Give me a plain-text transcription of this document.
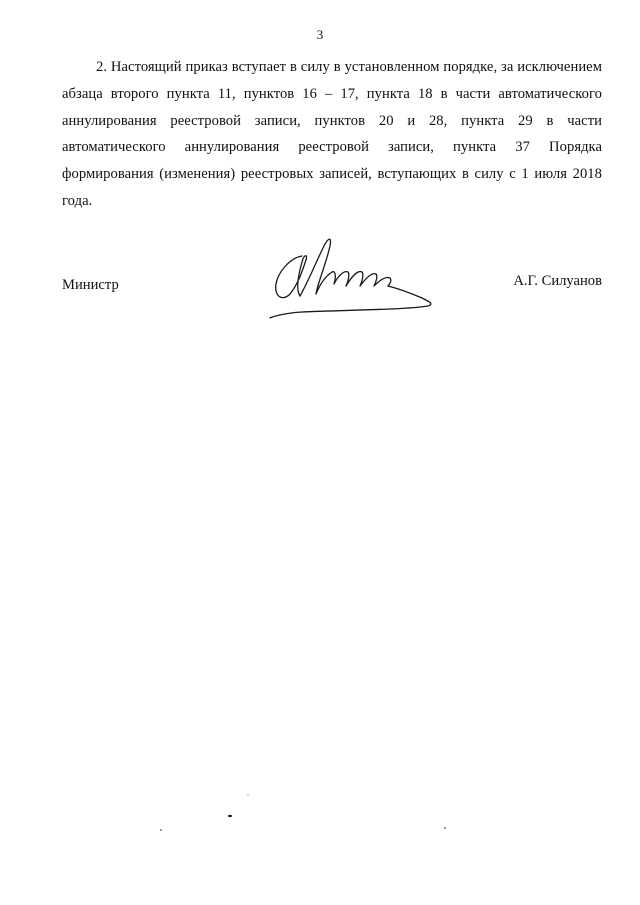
3

2. Настоящий приказ вступает в силу в установленном порядке, за исключением абзаца второго пункта 11, пунктов 16 – 17, пункта 18 в части автоматического аннулирования реестровой записи, пунктов 20 и 28, пункта 29 в части автоматического аннулирования реестровой записи, пункта 37 Порядка формирования (изменения) реестровых записей, вступающих в силу с 1 июля 2018 года.

Министр	А.Г. Силуанов
